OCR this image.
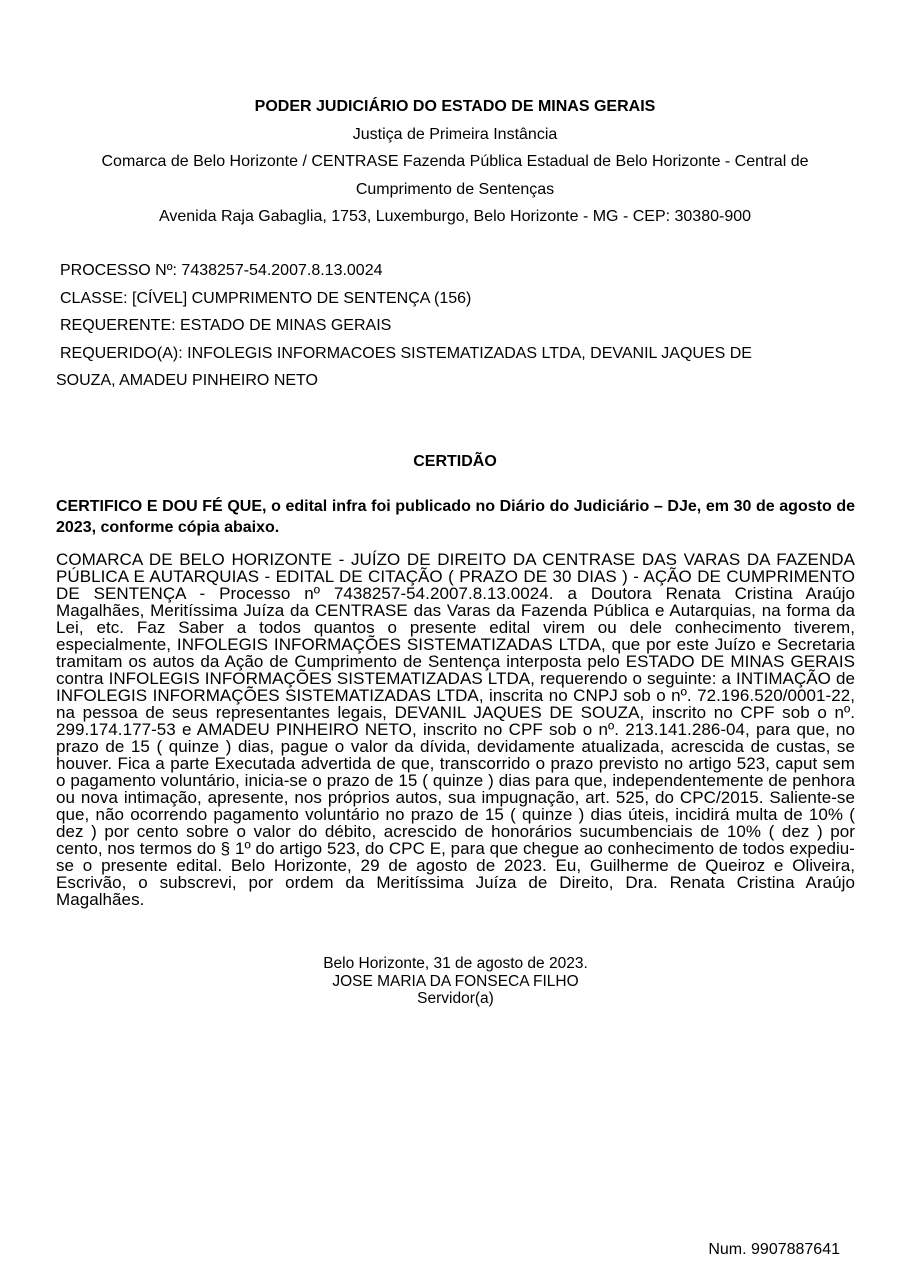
PODER JUDICIÁRIO DO ESTADO DE MINAS GERAIS
Justiça de Primeira Instância
Comarca de Belo Horizonte / CENTRASE Fazenda Pública Estadual de Belo Horizonte - Central de Cumprimento de Sentenças
Avenida Raja Gabaglia, 1753, Luxemburgo, Belo Horizonte - MG - CEP: 30380-900
PROCESSO Nº: 7438257-54.2007.8.13.0024
CLASSE: [CÍVEL] CUMPRIMENTO DE SENTENÇA (156)
REQUERENTE: ESTADO DE MINAS GERAIS
REQUERIDO(A): INFOLEGIS INFORMACOES SISTEMATIZADAS LTDA, DEVANIL JAQUES DE
SOUZA, AMADEU PINHEIRO NETO
CERTIDÃO
CERTIFICO E DOU FÉ QUE, o edital infra foi publicado no Diário do Judiciário – DJe, em 30 de agosto de 2023, conforme cópia abaixo.
COMARCA DE BELO HORIZONTE - JUÍZO DE DIREITO DA CENTRASE DAS VARAS DA FAZENDA PÚBLICA E AUTARQUIAS - EDITAL DE CITAÇÃO ( PRAZO DE 30 DIAS ) - AÇÃO DE CUMPRIMENTO DE SENTENÇA - Processo nº 7438257-54.2007.8.13.0024. a Doutora Renata Cristina Araújo Magalhães, Meritíssima Juíza da CENTRASE das Varas da Fazenda Pública e Autarquias, na forma da Lei, etc. Faz Saber a todos quantos o presente edital virem ou dele conhecimento tiverem, especialmente, INFOLEGIS INFORMAÇÕES SISTEMATIZADAS LTDA, que por este Juízo e Secretaria tramitam os autos da Ação de Cumprimento de Sentença interposta pelo ESTADO DE MINAS GERAIS contra INFOLEGIS INFORMAÇÕES SISTEMATIZADAS LTDA, requerendo o seguinte: a INTIMAÇÃO de INFOLEGIS INFORMAÇÕES SISTEMATIZADAS LTDA, inscrita no CNPJ sob o nº. 72.196.520/0001-22, na pessoa de seus representantes legais, DEVANIL JAQUES DE SOUZA, inscrito no CPF sob o nº. 299.174.177-53 e AMADEU PINHEIRO NETO, inscrito no CPF sob o nº. 213.141.286-04, para que, no prazo de 15 ( quinze ) dias, pague o valor da dívida, devidamente atualizada, acrescida de custas, se houver. Fica a parte Executada advertida de que, transcorrido o prazo previsto no artigo 523, caput sem o pagamento voluntário, inicia-se o prazo de 15 ( quinze ) dias para que, independentemente de penhora ou nova intimação, apresente, nos próprios autos, sua impugnação, art. 525, do CPC/2015. Saliente-se que, não ocorrendo pagamento voluntário no prazo de 15 ( quinze ) dias úteis, incidirá multa de 10% ( dez ) por cento sobre o valor do débito, acrescido de honorários sucumbenciais de 10% ( dez ) por cento, nos termos do § 1º do artigo 523, do CPC E, para que chegue ao conhecimento de todos expediu-se o presente edital. Belo Horizonte, 29 de agosto de 2023. Eu, Guilherme de Queiroz e Oliveira, Escrivão, o subscrevi, por ordem da Meritíssima Juíza de Direito, Dra. Renata Cristina Araújo Magalhães.
Belo Horizonte, 31 de agosto de 2023.
JOSE MARIA DA FONSECA FILHO
Servidor(a)
Num. 9907887641
